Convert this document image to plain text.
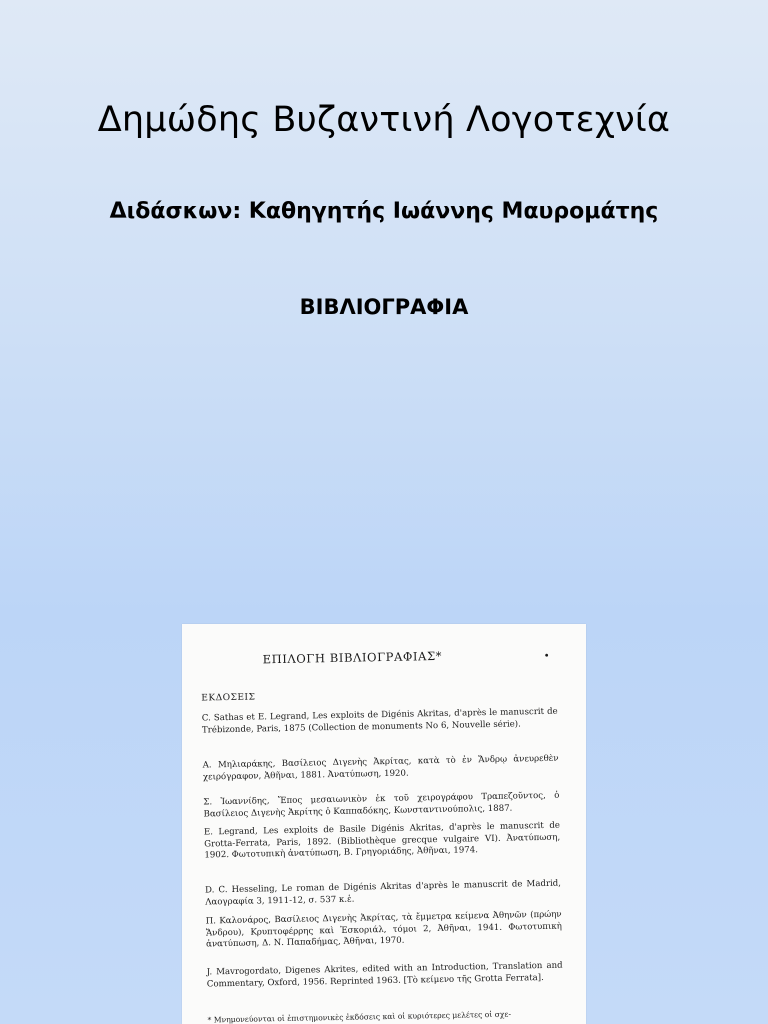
Δημώδης Βυζαντινή Λογοτεχνία
Διδάσκων: Καθηγητής Ιωάννης Μαυρομάτης
ΒΙΒΛΙΟΓΡΑΦΙΑ
ΕΠΙΛΟΓΗ ΒΙΒΛΙΟΓΡΑΦΙΑΣ*	•
ΕΚΔΟΣΕΙΣ
C. Sathas et E. Legrand, Les exploits de Digénis Akritas, d'après le manuscrit de Trébizonde, Paris, 1875 (Collection de monuments No 6, Nouvelle série).
Α. Μηλιαράκης, Βασίλειος Διγενὴς Ἀκρίτας, κατὰ τὸ ἐν Ἄνδρῳ ἀνευρεθὲν χειρόγραφον, Ἀθῆναι, 1881. Ἀνατύπωση, 1920.
Σ. Ἰωαννίδης, Ἔπος μεσαιωνικὸν ἐκ τοῦ χειρογράφου Τραπεζοῦντος, ὁ Βασίλειος Διγενὴς Ἀκρίτης ὁ Καππαδόκης, Κωνσταντινούπολις, 1887.
E. Legrand, Les exploits de Basile Digénis Akritas, d'après le manuscrit de Grotta-Ferrata, Paris, 1892. (Bibliothèque grecque vulgaire VI). Ἀνατύπωση, 1902. Φωτοτυπικὴ ἀνατύπωση, Β. Γρηγοριάδης, Ἀθῆναι, 1974.
D. C. Hesseling, Le roman de Digénis Akritas d'après le manuscrit de Madrid, Λαογραφία 3, 1911-12, σ. 537 κ.ἑ.
Π. Καλονάρος, Βασίλειος Διγενὴς Ἀκρίτας, τὰ ἔμμετρα κείμενα Ἀθηνῶν (πρώην Ἄνδρου), Κρυπτοφέρρης καὶ Ἐσκοριάλ, τόμοι 2, Ἀθῆναι, 1941. Φωτοτυπικὴ ἀνατύπωση, Δ. Ν. Παπαδήμας, Ἀθῆναι, 1970.
J. Mavrogordato, Digenes Akrites, edited with an Introduction, Translation and Commentary, Oxford, 1956. Reprinted 1963. [Τὸ κείμενο τῆς Grotta Ferrata].
* Μνημονεύονται οἱ ἐπιστημονικὲς ἐκδόσεις καὶ οἱ κυριότερες μελέτες οἱ σχε-
